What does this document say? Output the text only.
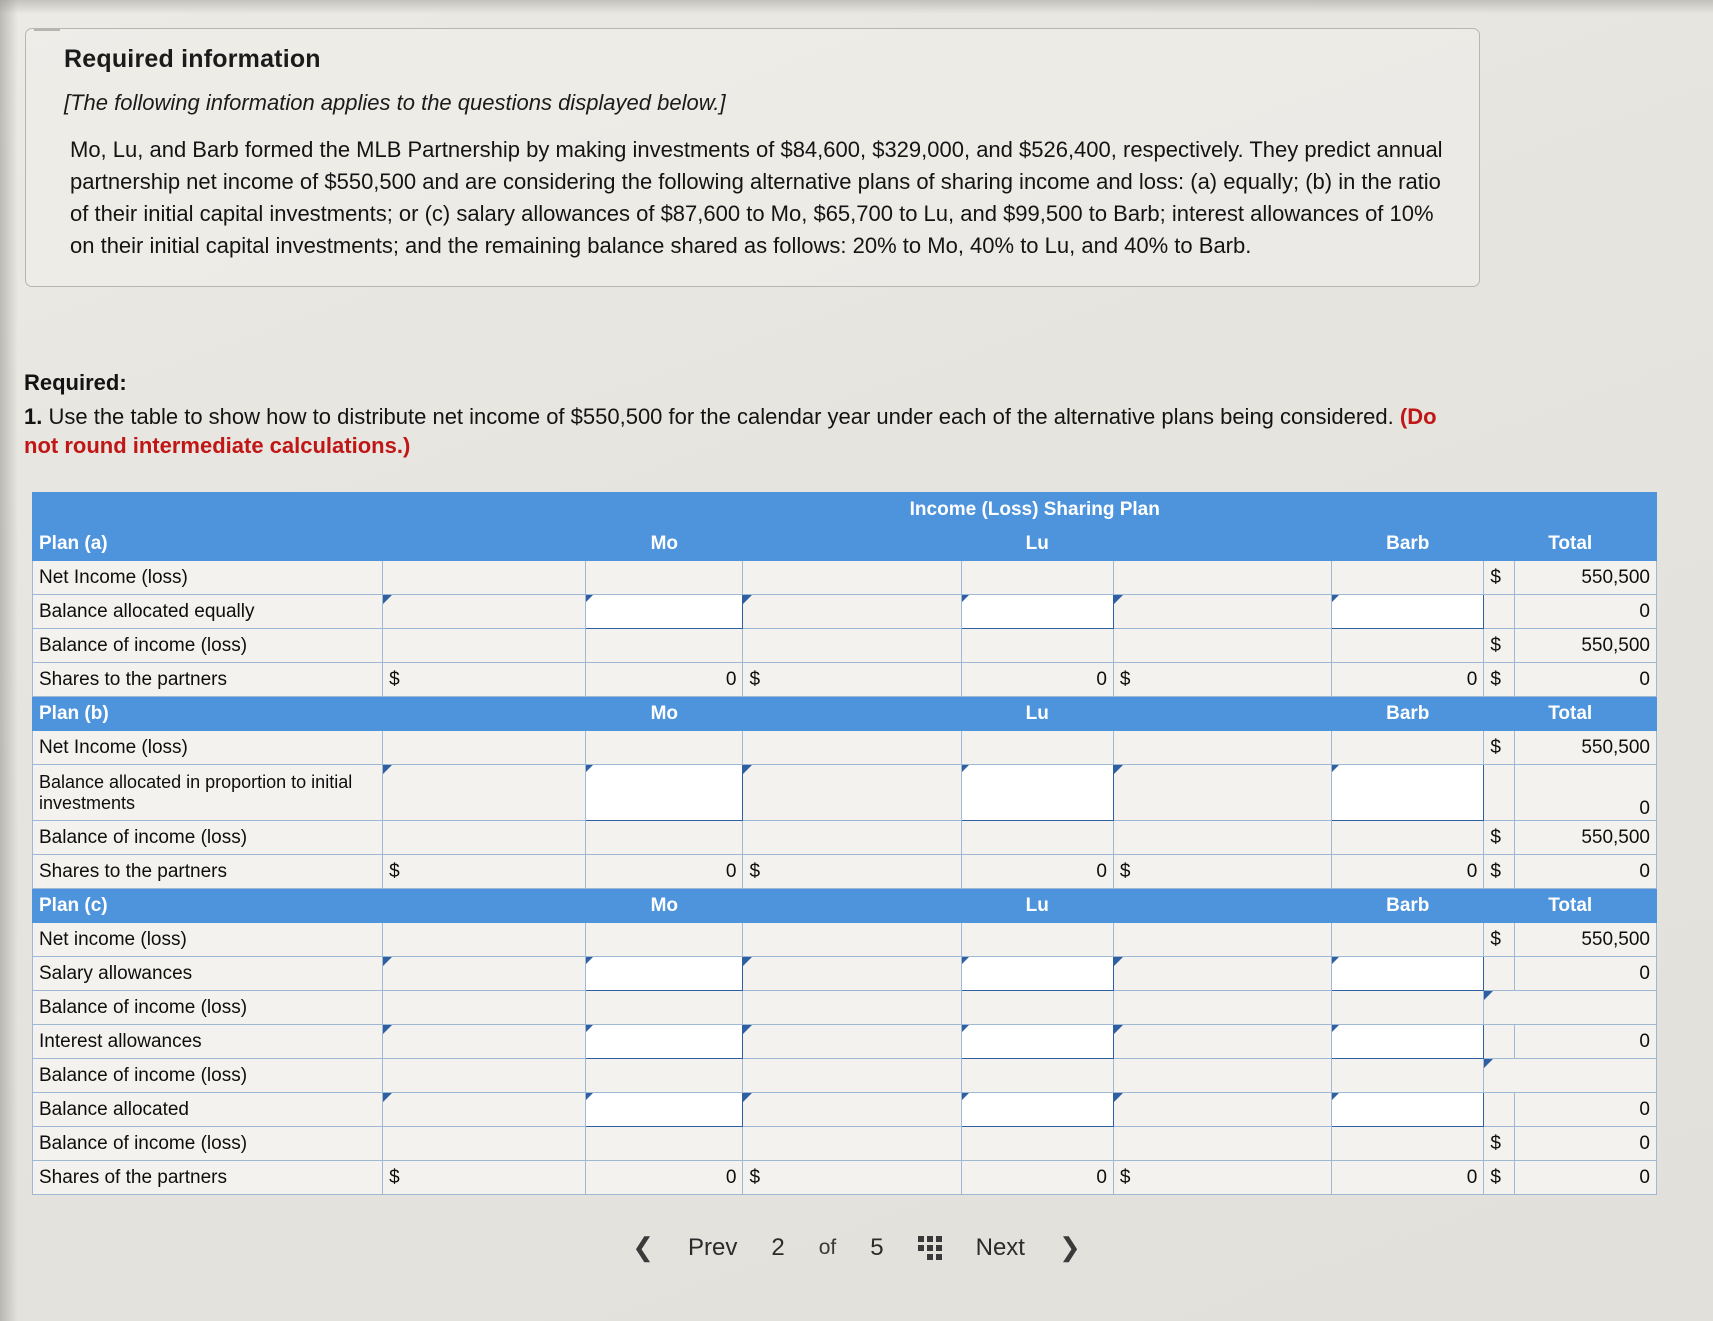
Required information
[The following information applies to the questions displayed below.]
Mo, Lu, and Barb formed the MLB Partnership by making investments of $84,600, $329,000, and $526,400, respectively. They predict annual partnership net income of $550,500 and are considering the following alternative plans of sharing income and loss: (a) equally; (b) in the ratio of their initial capital investments; or (c) salary allowances of $87,600 to Mo, $65,700 to Lu, and $99,500 to Barb; interest allowances of 10% on their initial capital investments; and the remaining balance shared as follows: 20% to Mo, 40% to Lu, and 40% to Barb.
Required:
1. Use the table to show how to distribute net income of $550,500 for the calendar year under each of the alternative plans being considered. (Do not round intermediate calculations.)
		Income (Loss) Sharing Plan						
Plan (a)		Mo		Lu		Barb	Total	
Net Income (loss)							$	550,500
Balance allocated equally								0
Balance of income (loss)							$	550,500
Shares to the partners	$	0	$	0	$	0	$	0
Plan (b)		Mo		Lu		Barb	Total	
Net Income (loss)							$	550,500
Balance allocated in proportion to initial investments								0
Balance of income (loss)							$	550,500
Shares to the partners	$	0	$	0	$	0	$	0
Plan (c)		Mo		Lu		Barb	Total	
Net income (loss)							$	550,500
Salary allowances								0
Balance of income (loss)								
Interest allowances								0
Balance of income (loss)								
Balance allocated								0
Balance of income (loss)							$	0
Shares of the partners	$	0	$	0	$	0	$	0
❮ Prev 2 of 5	Next ❯
